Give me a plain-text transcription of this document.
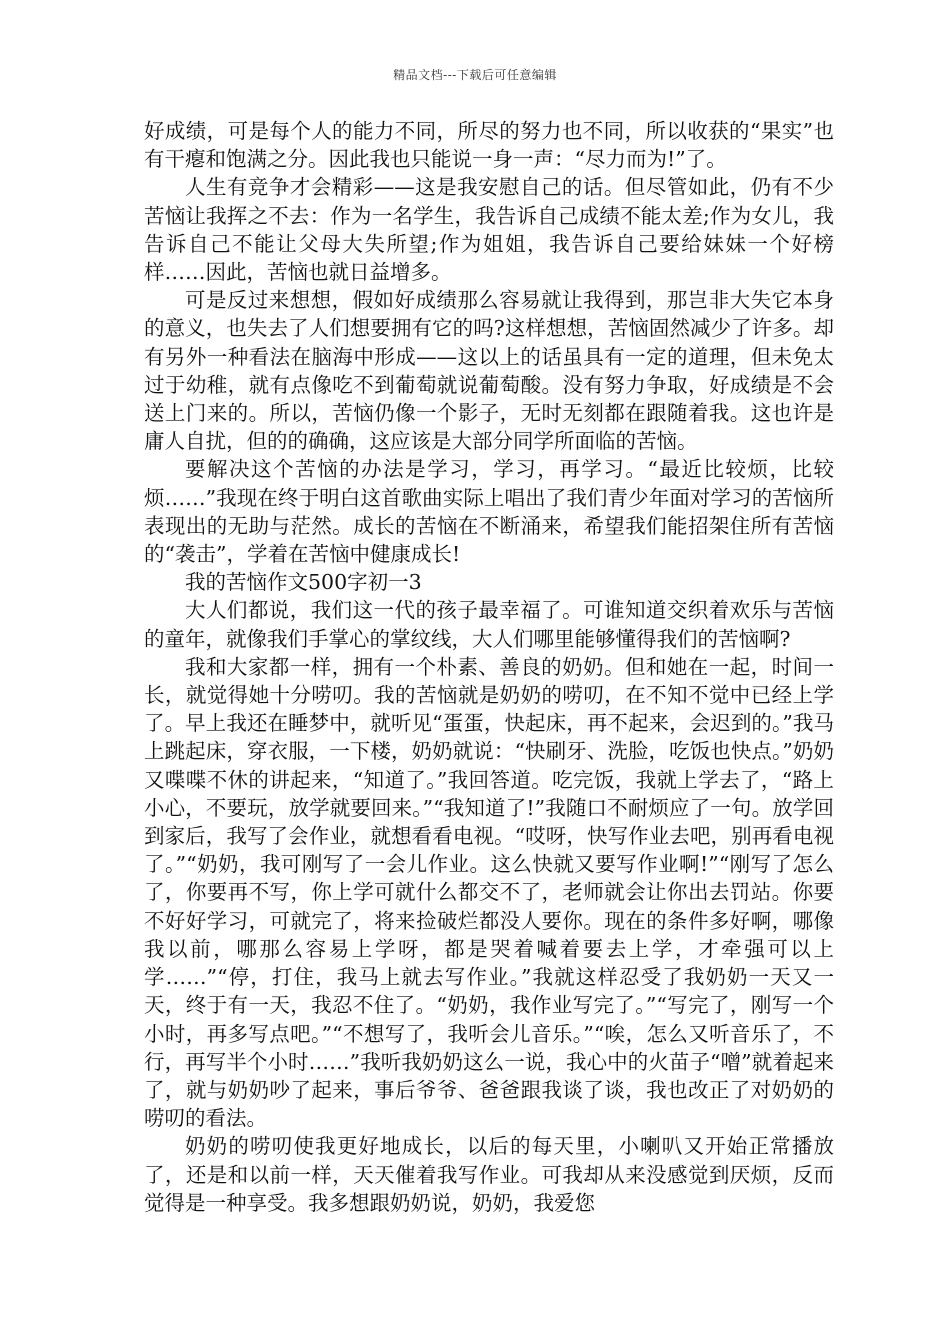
精品文档---下载后可任意编辑

好成绩，可是每个人的能力不同，所尽的努力也不同，所以收获的“果实”也有干瘪和饱满之分。因此我也只能说一身一声：“尽力而为!”了。

人生有竞争才会精彩——这是我安慰自己的话。但尽管如此，仍有不少苦恼让我挥之不去：作为一名学生，我告诉自己成绩不能太差;作为女儿，我告诉自己不能让父母大失所望;作为姐姐，我告诉自己要给妹妹一个好榜样……因此，苦恼也就日益增多。

可是反过来想想，假如好成绩那么容易就让我得到，那岂非大失它本身的意义，也失去了人们想要拥有它的吗?这样想想，苦恼固然减少了许多。却有另外一种看法在脑海中形成——这以上的话虽具有一定的道理，但未免太过于幼稚，就有点像吃不到葡萄就说葡萄酸。没有努力争取，好成绩是不会送上门来的。所以，苦恼仍像一个影子，无时无刻都在跟随着我。这也许是庸人自扰，但的的确确，这应该是大部分同学所面临的苦恼。

要解决这个苦恼的办法是学习，学习，再学习。“最近比较烦，比较烦……”我现在终于明白这首歌曲实际上唱出了我们青少年面对学习的苦恼所表现出的无助与茫然。成长的苦恼在不断涌来，希望我们能招架住所有苦恼的“袭击”，学着在苦恼中健康成长!

我的苦恼作文500字初一3

大人们都说，我们这一代的孩子最幸福了。可谁知道交织着欢乐与苦恼的童年，就像我们手掌心的掌纹线，大人们哪里能够懂得我们的苦恼啊?

我和大家都一样，拥有一个朴素、善良的奶奶。但和她在一起，时间一长，就觉得她十分唠叨。我的苦恼就是奶奶的唠叨，在不知不觉中已经上学了。早上我还在睡梦中，就听见“蛋蛋，快起床，再不起来，会迟到的。”我马上跳起床，穿衣服，一下楼，奶奶就说：“快刷牙、洗脸，吃饭也快点。”奶奶又喋喋不休的讲起来，“知道了。”我回答道。吃完饭，我就上学去了，“路上小心，不要玩，放学就要回来。”“我知道了!”我随口不耐烦应了一句。放学回到家后，我写了会作业，就想看看电视。“哎呀，快写作业去吧，别再看电视了。”“奶奶，我可刚写了一会儿作业。这么快就又要写作业啊!”“刚写了怎么了，你要再不写，你上学可就什么都交不了，老师就会让你出去罚站。你要不好好学习，可就完了，将来捡破烂都没人要你。现在的条件多好啊，哪像我以前，哪那么容易上学呀，都是哭着喊着要去上学，才牵强可以上学……”“停，打住，我马上就去写作业。”我就这样忍受了我奶奶一天又一天，终于有一天，我忍不住了。“奶奶，我作业写完了。”“写完了，刚写一个小时，再多写点吧。”“不想写了，我听会儿音乐。”“唉，怎么又听音乐了，不行，再写半个小时……”我听我奶奶这么一说，我心中的火苗子“噌”就着起来了，就与奶奶吵了起来，事后爷爷、爸爸跟我谈了谈，我也改正了对奶奶的唠叨的看法。

奶奶的唠叨使我更好地成长，以后的每天里，小喇叭又开始正常播放了，还是和以前一样，天天催着我写作业。可我却从来没感觉到厌烦，反而觉得是一种享受。我多想跟奶奶说，奶奶，我爱您
